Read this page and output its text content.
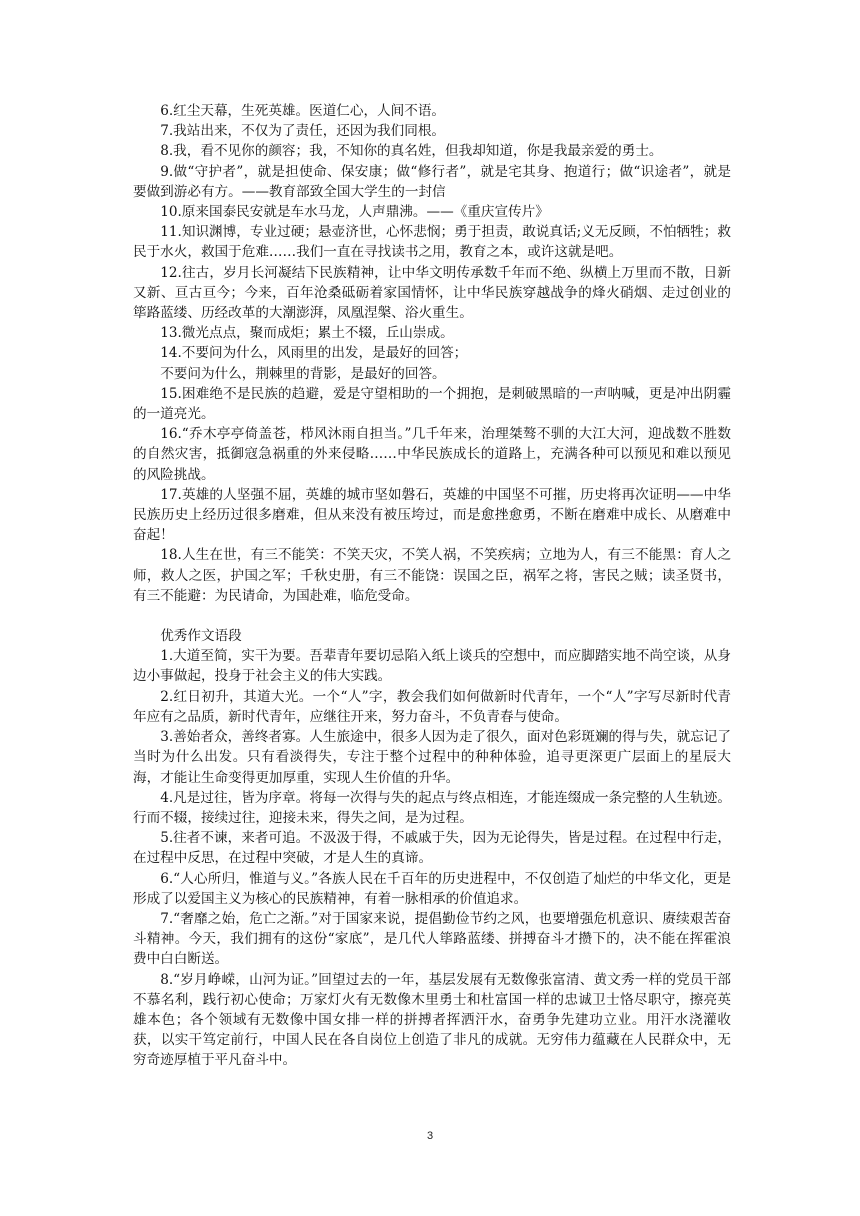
6.红尘天幕，生死英雄。医道仁心，人间不语。

7.我站出来，不仅为了责任，还因为我们同根。

8.我，看不见你的颜容；我，不知你的真名姓，但我却知道，你是我最亲爱的勇士。

9.做“守护者”，就是担使命、保安康；做“修行者”，就是宅其身、抱道行；做“识途者”，就是要做到游必有方。——教育部致全国大学生的一封信

10.原来国泰民安就是车水马龙，人声鼎沸。——《重庆宣传片》

11.知识渊博，专业过硬；悬壶济世，心怀悲悯；勇于担责，敢说真话;义无反顾，不怕牺牲；救民于水火，救国于危难……我们一直在寻找读书之用，教育之本，或许这就是吧。

12.往古，岁月长河凝结下民族精神，让中华文明传承数千年而不绝、纵横上万里而不散，日新又新、亘古亘今；今来，百年沧桑砥砺着家国情怀，让中华民族穿越战争的烽火硝烟、走过创业的筚路蓝缕、历经改革的大潮澎湃，凤凰涅槃、浴火重生。

13.微光点点，聚而成炬；累土不辍，丘山崇成。

14.不要问为什么，风雨里的出发，是最好的回答；

不要问为什么，荆棘里的背影，是最好的回答。

15.困难绝不是民族的趋避，爱是守望相助的一个拥抱，是刺破黑暗的一声呐喊，更是冲出阴霾的一道亮光。

16.“乔木亭亭倚盖苍，栉风沐雨自担当。”几千年来，治理桀骜不驯的大江大河，迎战数不胜数的自然灾害，抵御寇急祸重的外来侵略……中华民族成长的道路上，充满各种可以预见和难以预见的风险挑战。

17.英雄的人坚强不屈，英雄的城市坚如磐石，英雄的中国坚不可摧，历史将再次证明——中华民族历史上经历过很多磨难，但从来没有被压垮过，而是愈挫愈勇，不断在磨难中成长、从磨难中奋起！

18.人生在世，有三不能笑：不笑天灾，不笑人祸，不笑疾病；立地为人，有三不能黑：育人之师，救人之医，护国之军；千秋史册，有三不能饶：误国之臣，祸军之将，害民之贼；读圣贤书，有三不能避：为民请命，为国赴难，临危受命。

优秀作文语段

1.大道至简，实干为要。吾辈青年要切忌陷入纸上谈兵的空想中，而应脚踏实地不尚空谈，从身边小事做起，投身于社会主义的伟大实践。

2.红日初升，其道大光。一个“人”字，教会我们如何做新时代青年，一个“人”字写尽新时代青年应有之品质，新时代青年，应继往开来，努力奋斗，不负青春与使命。

3.善始者众，善终者寡。人生旅途中，很多人因为走了很久，面对色彩斑斓的得与失，就忘记了当时为什么出发。只有看淡得失，专注于整个过程中的种种体验，追寻更深更广层面上的星辰大海，才能让生命变得更加厚重，实现人生价值的升华。

4.凡是过往，皆为序章。将每一次得与失的起点与终点相连，才能连缀成一条完整的人生轨迹。行而不辍，接续过往，迎接未来，得失之间，是为过程。

5.往者不谏，来者可追。不汲汲于得，不戚戚于失，因为无论得失，皆是过程。在过程中行走，在过程中反思，在过程中突破，才是人生的真谛。

6.“人心所归，惟道与义。”各族人民在千百年的历史进程中，不仅创造了灿烂的中华文化，更是形成了以爱国主义为核心的民族精神，有着一脉相承的价值追求。

7.“奢靡之始，危亡之渐。”对于国家来说，提倡勤俭节约之风，也要增强危机意识、赓续艰苦奋斗精神。今天，我们拥有的这份“家底”，是几代人筚路蓝缕、拼搏奋斗才攒下的，决不能在挥霍浪费中白白断送。

8.“岁月峥嵘，山河为证。”回望过去的一年，基层发展有无数像张富清、黄文秀一样的党员干部不慕名利，践行初心使命；万家灯火有无数像木里勇士和杜富国一样的忠诚卫士恪尽职守，擦亮英雄本色；各个领域有无数像中国女排一样的拼搏者挥洒汗水，奋勇争先建功立业。用汗水浇灌收获，以实干笃定前行，中国人民在各自岗位上创造了非凡的成就。无穷伟力蕴藏在人民群众中，无穷奇迹厚植于平凡奋斗中。

3
